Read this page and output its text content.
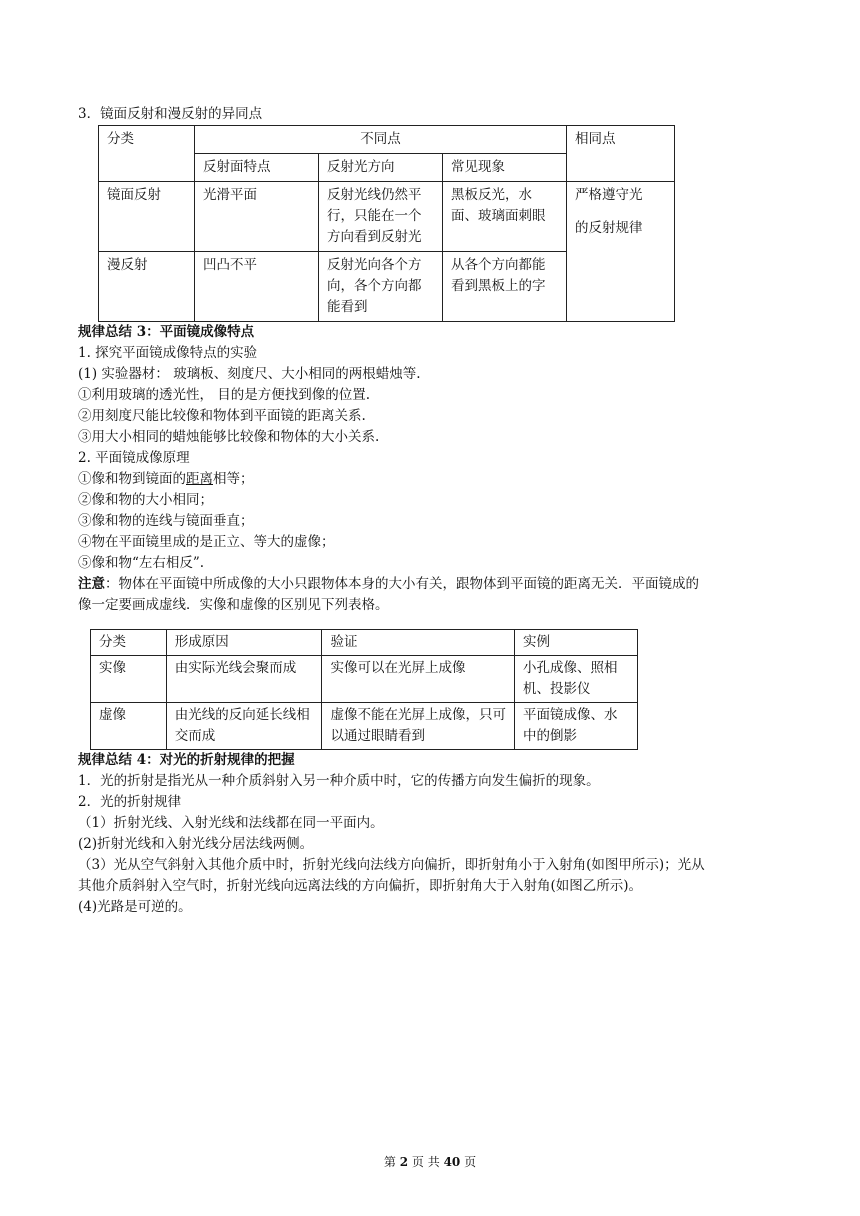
3．镜面反射和漫反射的异同点

分类	不同点			相同点
	反射面特点	反射光方向	常见现象	
镜面反射	光滑平面	反射光线仍然平行，只能在一个方向看到反射光	黑板反光，水面、玻璃面刺眼	严格遵守光
的反射规律

漫反射	凹凸不平	反射光向各个方向，各个方向都能看到	从各个方向都能看到黑板上的字	

规律总结 3：平面镜成像特点

1. 探究平面镜成像特点的实验

(1) 实验器材： 玻璃板、刻度尺、大小相同的两根蜡烛等.

①利用玻璃的透光性， 目的是方便找到像的位置.

②用刻度尺能比较像和物体到平面镜的距离关系.

③用大小相同的蜡烛能够比较像和物体的大小关系.

2. 平面镜成像原理

①像和物到镜面的距离相等；

②像和物的大小相同；

③像和物的连线与镜面垂直；

④物在平面镜里成的是正立、等大的虚像；

⑤像和物“左右相反”.

注意：物体在平面镜中所成像的大小只跟物体本身的大小有关，跟物体到平面镜的距离无关．平面镜成的

像一定要画成虚线．实像和虚像的区别见下列表格。

分类	形成原因	验证	实例
实像	由实际光线会聚而成	实像可以在光屏上成像	小孔成像、照相机、投影仪
虚像	由光线的反向延长线相交而成	虚像不能在光屏上成像，只可以通过眼睛看到	平面镜成像、水中的倒影

规律总结 4：对光的折射规律的把握

1．光的折射是指光从一种介质斜射入另一种介质中时，它的传播方向发生偏折的现象。

2．光的折射规律

（1）折射光线、入射光线和法线都在同一平面内。

(2)折射光线和入射光线分居法线两侧。

（3）光从空气斜射入其他介质中时，折射光线向法线方向偏折，即折射角小于入射角(如图甲所示)；光从

其他介质斜射入空气时，折射光线向远离法线的方向偏折，即折射角大于入射角(如图乙所示)。

(4)光路是可逆的。

第 2 页 共 40 页
